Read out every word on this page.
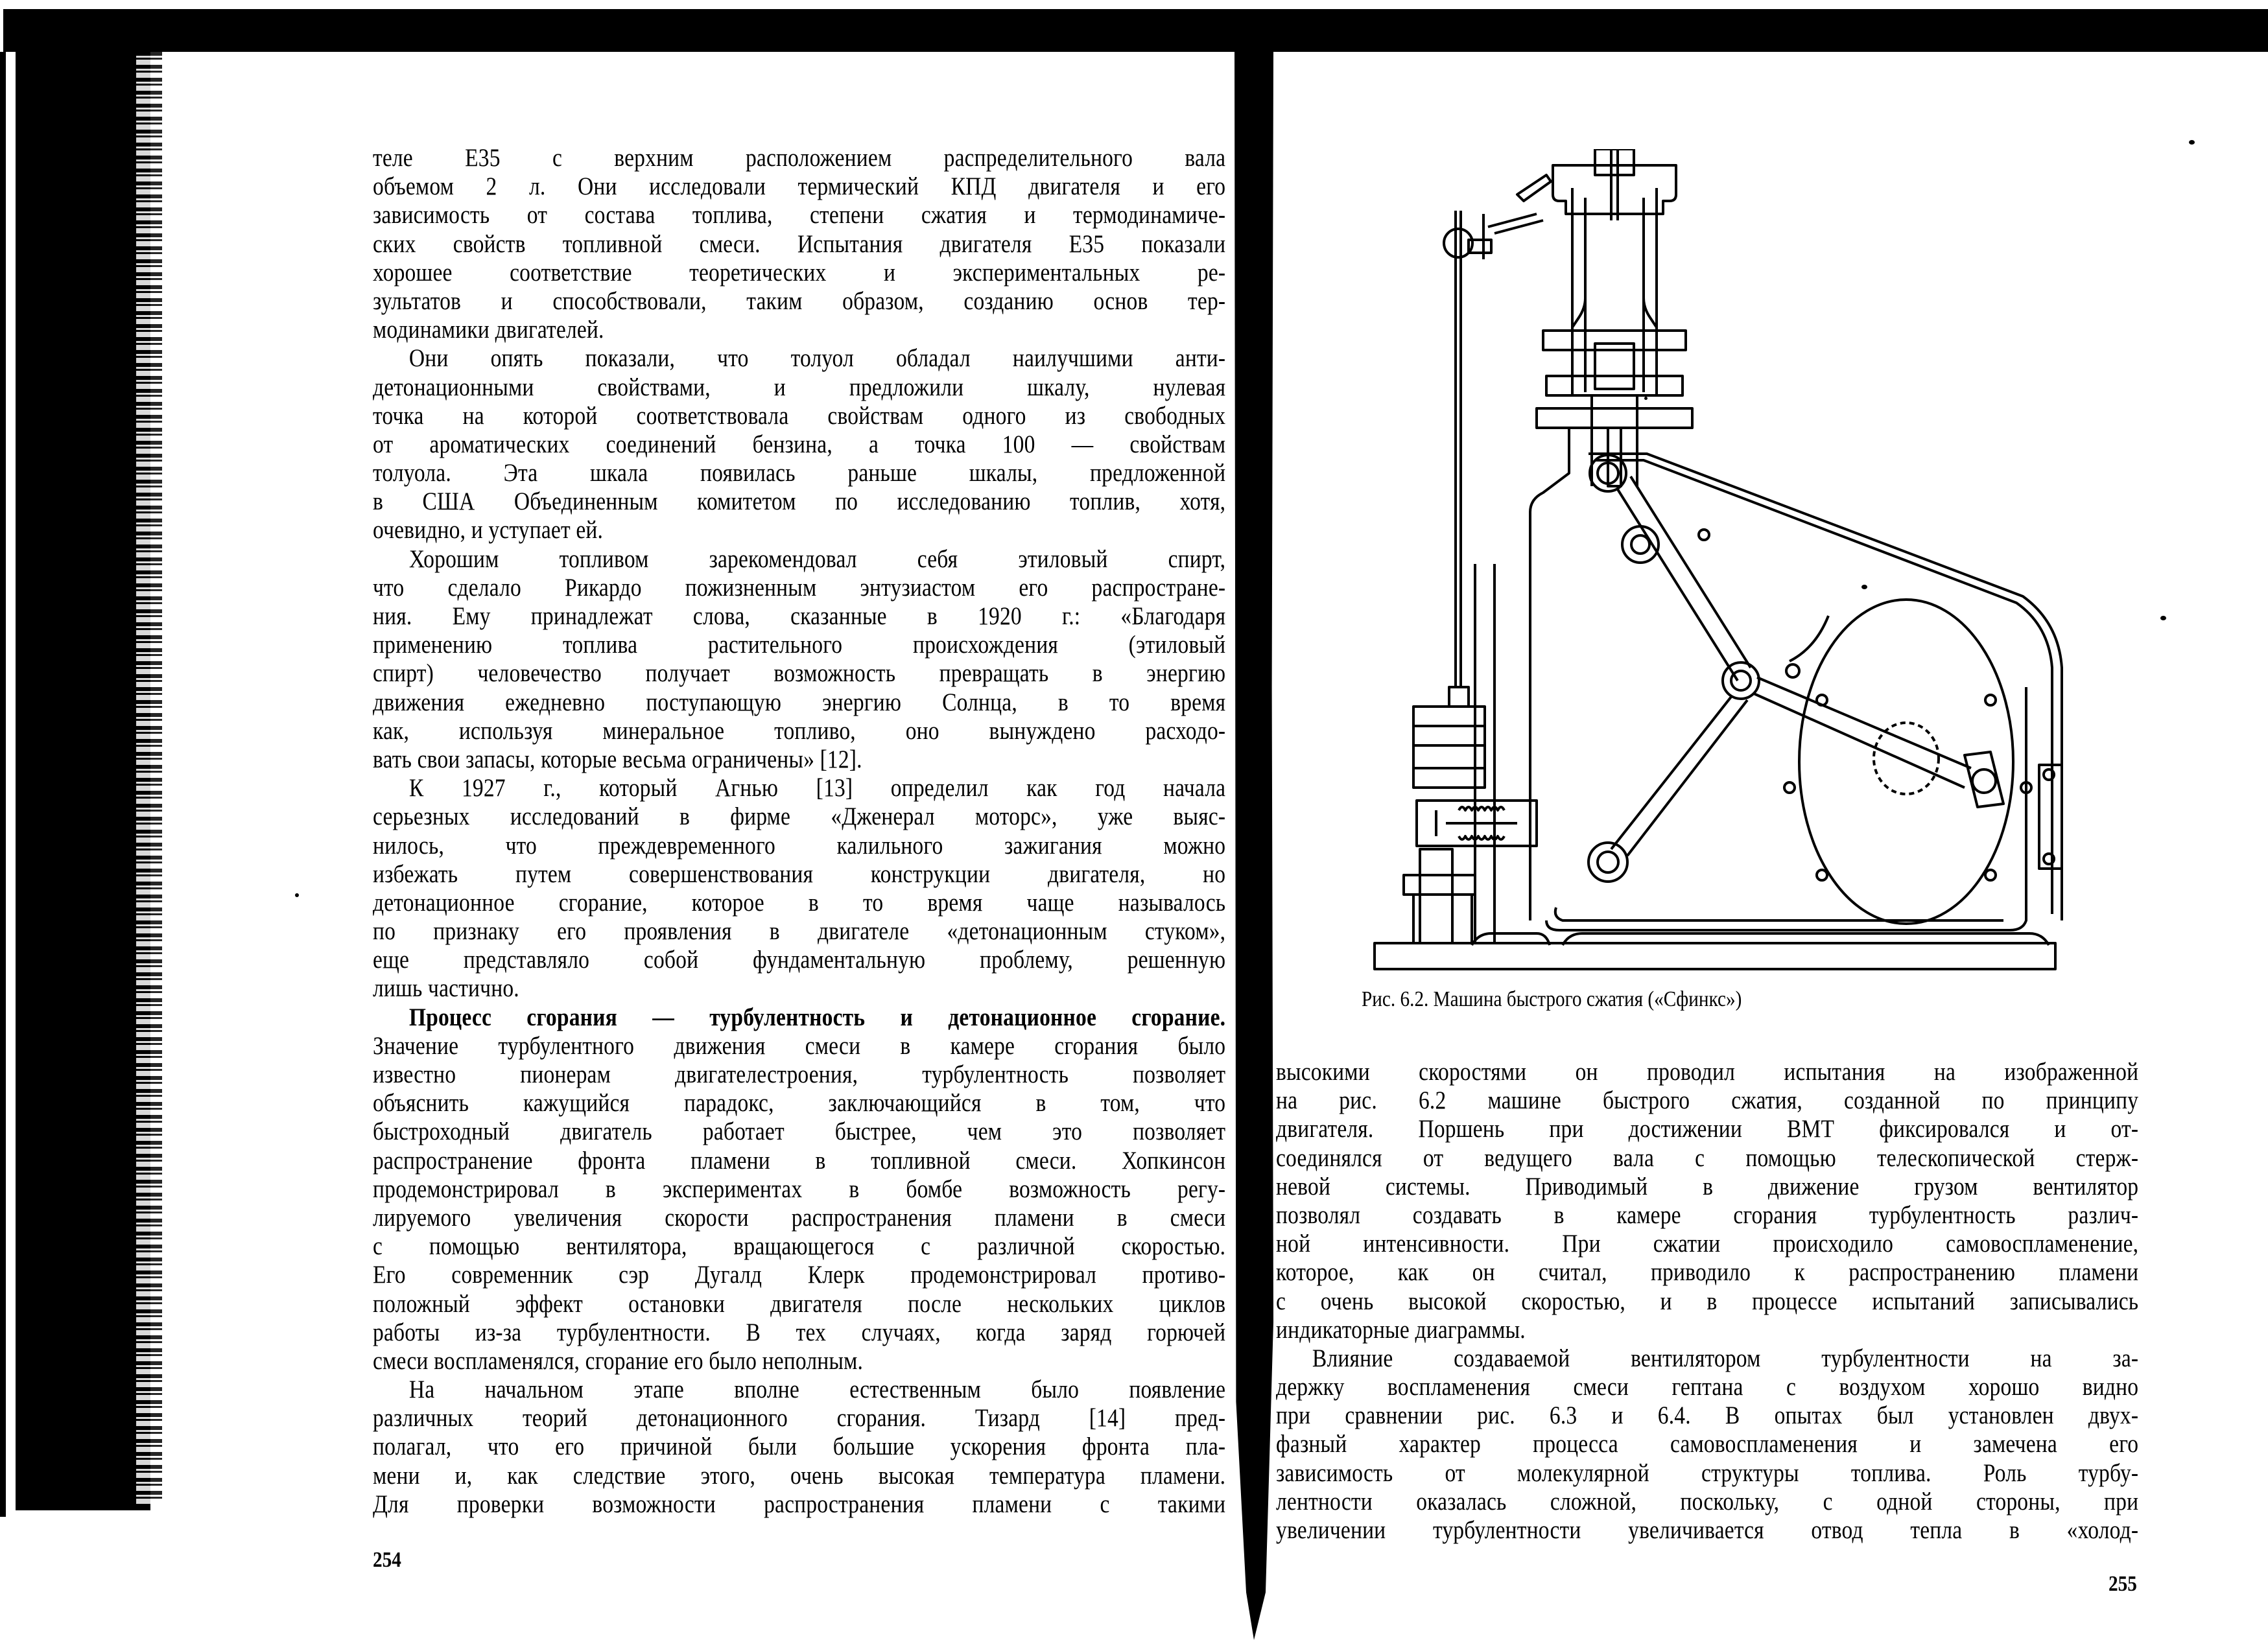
теле Е35 с верхним расположением распределительного вала
объемом 2 л. Они исследовали термический КПД двигателя и его
зависимость от состава топлива, степени сжатия и термодинамиче-
ских свойств топливной смеси. Испытания двигателя Е35 показали
хорошее соответствие теоретических и экспериментальных ре-
зультатов и способствовали, таким образом, созданию основ тер-
модинамики двигателей.
Они опять показали, что толуол обладал наилучшими анти-
детонационными свойствами, и предложили шкалу, нулевая
точка на которой соответствовала свойствам одного из свободных
от ароматических соединений бензина, а точка 100 — свойствам
толуола. Эта шкала появилась раньше шкалы, предложенной
в США Объединенным комитетом по исследованию топлив, хотя,
очевидно, и уступает ей.
Хорошим топливом зарекомендовал себя этиловый спирт,
что сделало Рикардо пожизненным энтузиастом его распростране-
ния. Ему принадлежат слова, сказанные в 1920 г.: «Благодаря
применению топлива растительного происхождения (этиловый
спирт) человечество получает возможность превращать в энергию
движения ежедневно поступающую энергию Солнца, в то время
как, используя минеральное топливо, оно вынуждено расходо-
вать свои запасы, которые весьма ограничены» [12].
К 1927 г., который Агнью [13] определил как год начала
серьезных исследований в фирме «Дженерал моторс», уже выяс-
нилось, что преждевременного калильного зажигания можно
избежать путем совершенствования конструкции двигателя, но
детонационное сгорание, которое в то время чаще называлось
по признаку его проявления в двигателе «детонационным стуком»,
еще представляло собой фундаментальную проблему, решенную
лишь частично.
Процесс сгорания — турбулентность и детонационное сгорание.
Значение турбулентного движения смеси в камере сгорания было
известно пионерам двигателестроения, турбулентность позволяет
объяснить кажущийся парадокс, заключающийся в том, что
быстроходный двигатель работает быстрее, чем это позволяет
распространение фронта пламени в топливной смеси. Хопкинсон
продемонстрировал в экспериментах в бомбе возможность регу-
лируемого увеличения скорости распространения пламени в смеси
с помощью вентилятора, вращающегося с различной скоростью.
Его современник сэр Дугалд Клерк продемонстрировал противо-
положный эффект остановки двигателя после нескольких циклов
работы из-за турбулентности. В тех случаях, когда заряд горючей
смеси воспламенялся, сгорание его было неполным.
На начальном этапе вполне естественным было появление
различных теорий детонационного сгорания. Тизард [14] пред-
полагал, что его причиной были большие ускорения фронта пла-
мени и, как следствие этого, очень высокая температура пламени.
Для проверки возможности распространения пламени с такими
254
Рис. 6.2. Машина быстрого сжатия («Сфинкс»)
высокими скоростями он проводил испытания на изображенной
на рис. 6.2 машине быстрого сжатия, созданной по принципу
двигателя. Поршень при достижении ВМТ фиксировался и от-
соединялся от ведущего вала с помощью телескопической стерж-
невой системы. Приводимый в движение грузом вентилятор
позволял создавать в камере сгорания турбулентность различ-
ной интенсивности. При сжатии происходило самовоспламенение,
которое, как он считал, приводило к распространению пламени
с очень высокой скоростью, и в процессе испытаний записывались
индикаторные диаграммы.
Влияние создаваемой вентилятором турбулентности на за-
держку воспламенения смеси гептана с воздухом хорошо видно
при сравнении рис. 6.3 и 6.4. В опытах был установлен двух-
фазный характер процесса самовоспламенения и замечена его
зависимость от молекулярной структуры топлива. Роль турбу-
лентности оказалась сложной, поскольку, с одной стороны, при
увеличении турбулентности увеличивается отвод тепла в «холод-
255
